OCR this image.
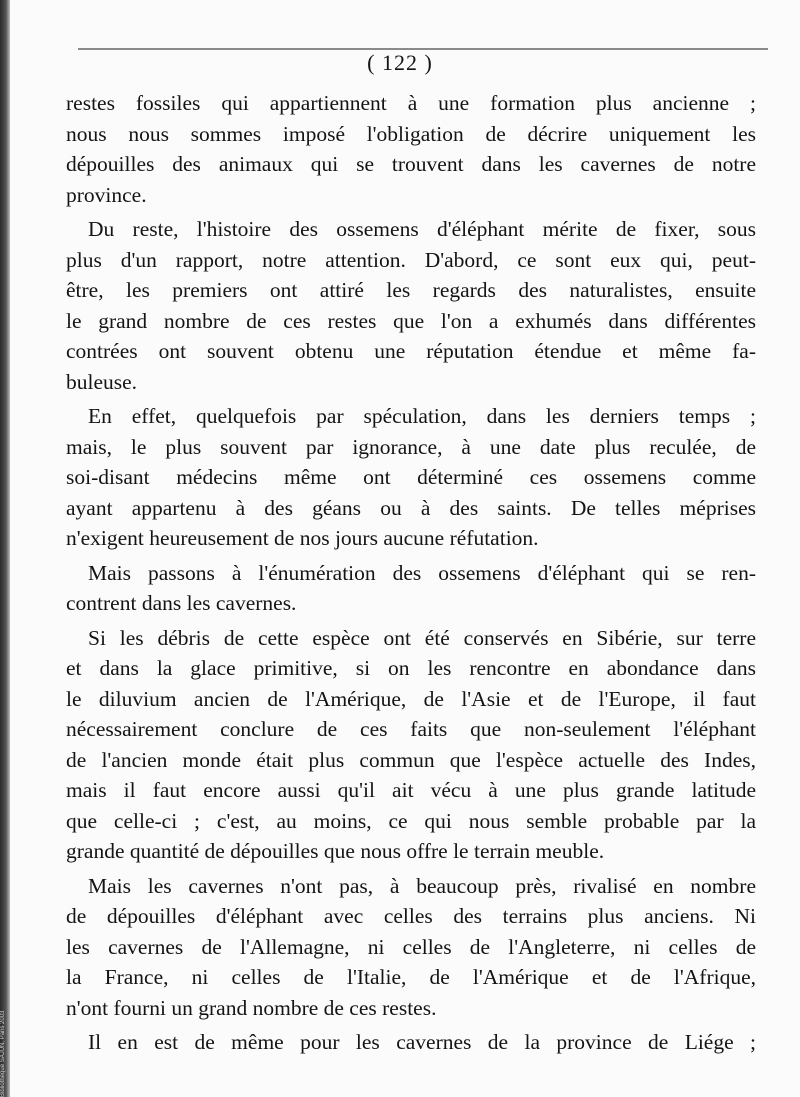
( 122 )
restes fossiles qui appartiennent à une formation plus ancienne ;
nous nous sommes imposé l'obligation de décrire uniquement les
dépouilles des animaux qui se trouvent dans les cavernes de notre
province.
Du reste, l'histoire des ossemens d'éléphant mérite de fixer, sous
plus d'un rapport, notre attention. D'abord, ce sont eux qui, peut-
être, les premiers ont attiré les regards des naturalistes, ensuite
le grand nombre de ces restes que l'on a exhumés dans différentes
contrées ont souvent obtenu une réputation étendue et même fa-
buleuse.
En effet, quelquefois par spéculation, dans les derniers temps ;
mais, le plus souvent par ignorance, à une date plus reculée, de
soi-disant médecins même ont déterminé ces ossemens comme
ayant appartenu à des géans ou à des saints. De telles méprises
n'exigent heureusement de nos jours aucune réfutation.
Mais passons à l'énumération des ossemens d'éléphant qui se ren-
contrent dans les cavernes.
Si les débris de cette espèce ont été conservés en Sibérie, sur terre
et dans la glace primitive, si on les rencontre en abondance dans
le diluvium ancien de l'Amérique, de l'Asie et de l'Europe, il faut
nécessairement conclure de ces faits que non-seulement l'éléphant
de l'ancien monde était plus commun que l'espèce actuelle des Indes,
mais il faut encore aussi qu'il ait vécu à une plus grande latitude
que celle-ci ; c'est, au moins, ce qui nous semble probable par la
grande quantité de dépouilles que nous offre le terrain meuble.
Mais les cavernes n'ont pas, à beaucoup près, rivalisé en nombre
de dépouilles d'éléphant avec celles des terrains plus anciens. Ni
les cavernes de l'Allemagne, ni celles de l'Angleterre, ni celles de
la France, ni celles de l'Italie, de l'Amérique et de l'Afrique,
n'ont fourni un grand nombre de ces restes.
Il en est de même pour les cavernes de la province de Liége ;
Bibliothèque SAJUN, Paris 2003
